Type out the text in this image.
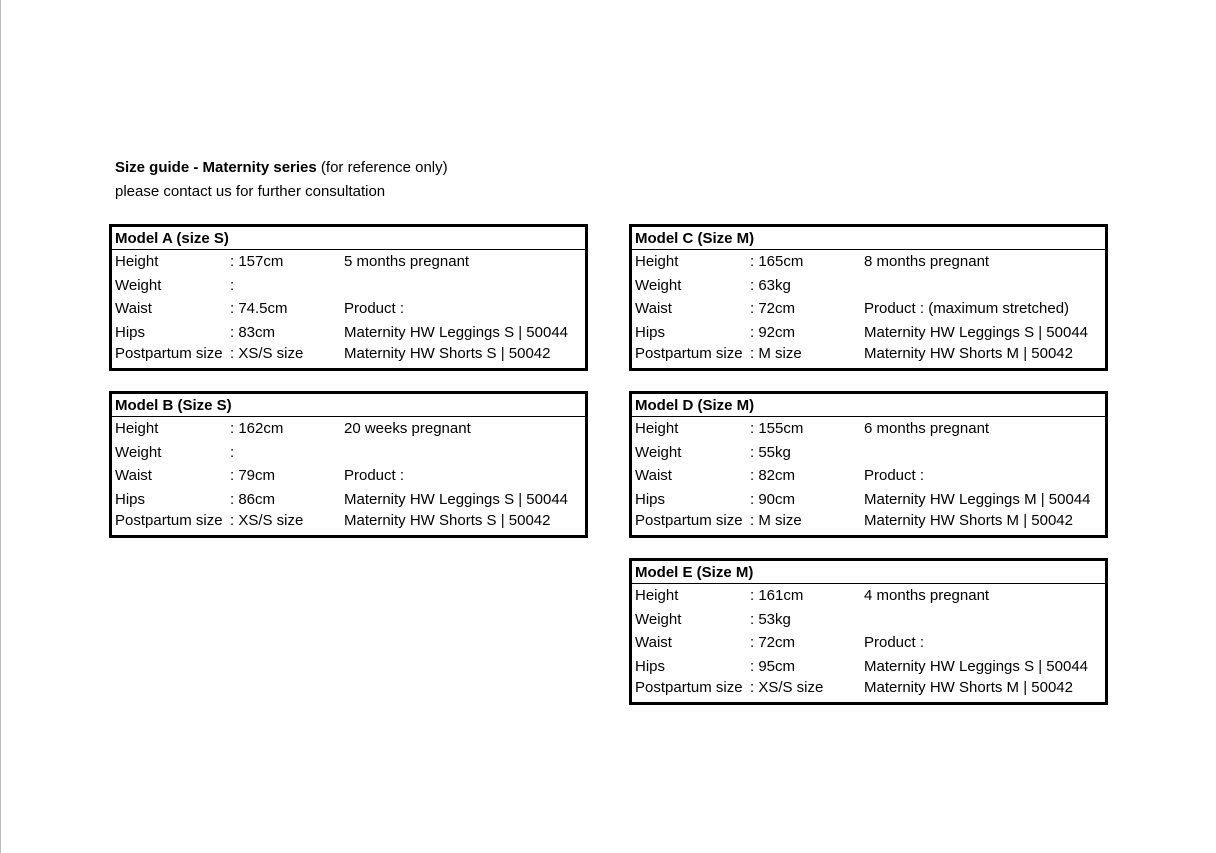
Size guide - Maternity series (for reference only)
please contact us for further consultation
Model A (size S)
Height	: 157cm	5 months pregnant
Weight	:
Waist	: 74.5cm	Product :
Hips	: 83cm	Maternity HW Leggings S | 50044
Postpartum size : XS/S size	Maternity HW Shorts S | 50042
Model B (Size S)
Height	: 162cm	20 weeks pregnant
Weight	:
Waist	: 79cm	Product :
Hips	: 86cm	Maternity HW Leggings S | 50044
Postpartum size : XS/S size	Maternity HW Shorts S | 50042
Model C (Size M)
Height	: 165cm	8 months pregnant
Weight	: 63kg
Waist	: 72cm	Product : (maximum stretched)
Hips	: 92cm	Maternity HW Leggings S | 50044
Postpartum size : M size	Maternity HW Shorts M | 50042
Model D (Size M)
Height	: 155cm	6 months pregnant
Weight	: 55kg
Waist	: 82cm	Product :
Hips	: 90cm	Maternity HW Leggings M | 50044
Postpartum size : M size	Maternity HW Shorts M | 50042
Model E (Size M)
Height	: 161cm	4 months pregnant
Weight	: 53kg
Waist	: 72cm	Product :
Hips	: 95cm	Maternity HW Leggings S | 50044
Postpartum size : XS/S size	Maternity HW Shorts M | 50042
